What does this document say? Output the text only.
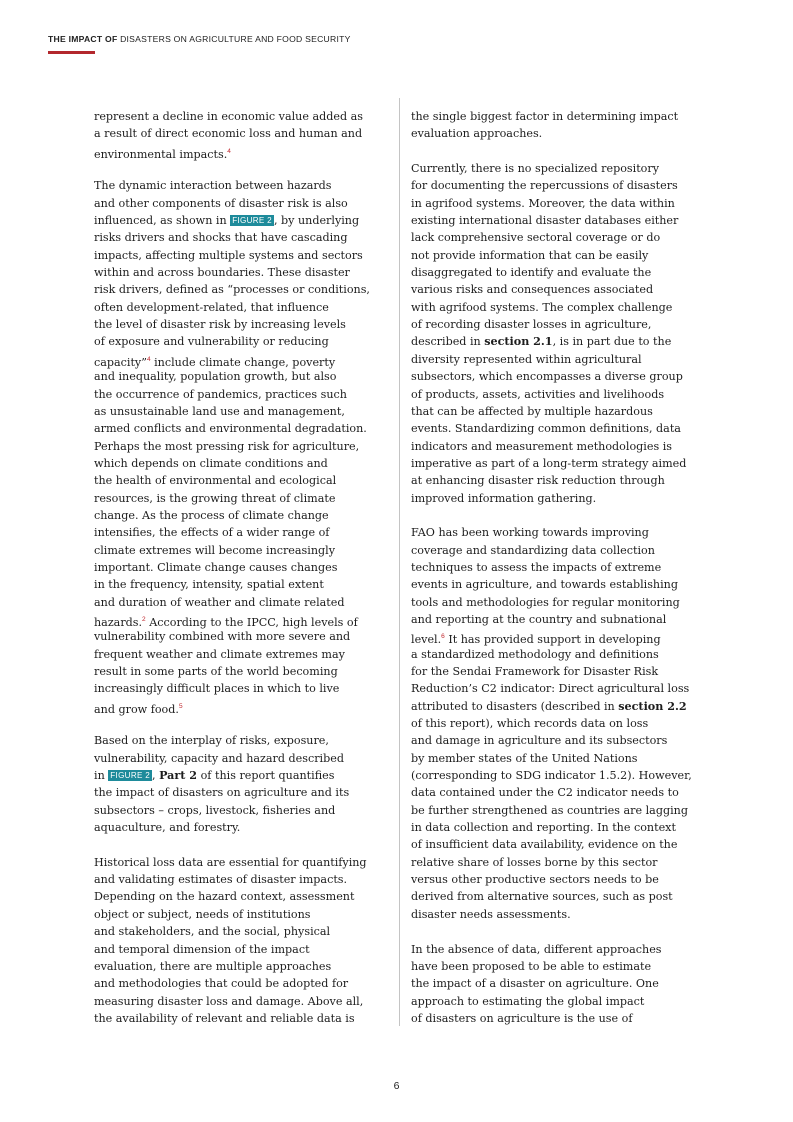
THE IMPACT OF DISASTERS ON AGRICULTURE AND FOOD SECURITY
represent a decline in economic value added as
a result of direct economic loss and human and
environmental impacts.$^4$
The dynamic interaction between hazards
and other components of disaster risk is also
influenced, as shown in FIGURE 2 , by underlying
risks drivers and shocks that have cascading
impacts, affecting multiple systems and sectors
within and across boundaries. These disaster
risk drivers, defined as “processes or conditions,
often development-related, that influence
the level of disaster risk by increasing levels
of exposure and vulnerability or reducing
capacity”$^4$ include climate change, poverty
and inequality, population growth, but also
the occurrence of pandemics, practices such
as unsustainable land use and management,
armed conflicts and environmental degradation.
Perhaps the most pressing risk for agriculture,
which depends on climate conditions and
the health of environmental and ecological
resources, is the growing threat of climate
change. As the process of climate change
intensifies, the effects of a wider range of
climate extremes will become increasingly
important. Climate change causes changes
in the frequency, intensity, spatial extent
and duration of weather and climate related
hazards.$^2$ According to the IPCC, high levels of
vulnerability combined with more severe and
frequent weather and climate extremes may
result in some parts of the world becoming
increasingly difficult places in which to live
and grow food.$^5$
Based on the interplay of risks, exposure,
vulnerability, capacity and hazard described
in FIGURE 2 , Part 2 of this report quantifies
the impact of disasters on agriculture and its
subsectors – crops, livestock, fisheries and
aquaculture, and forestry.
Historical loss data are essential for quantifying
and validating estimates of disaster impacts.
Depending on the hazard context, assessment
object or subject, needs of institutions
and stakeholders, and the social, physical
and temporal dimension of the impact
evaluation, there are multiple approaches
and methodologies that could be adopted for
measuring disaster loss and damage. Above all,
the availability of relevant and reliable data is
the single biggest factor in determining impact
evaluation approaches.
Currently, there is no specialized repository
for documenting the repercussions of disasters
in agrifood systems. Moreover, the data within
existing international disaster databases either
lack comprehensive sectoral coverage or do
not provide information that can be easily
disaggregated to identify and evaluate the
various risks and consequences associated
with agrifood systems. The complex challenge
of recording disaster losses in agriculture,
described in section 2.1, is in part due to the
diversity represented within agricultural
subsectors, which encompasses a diverse group
of products, assets, activities and livelihoods
that can be affected by multiple hazardous
events. Standardizing common definitions, data
indicators and measurement methodologies is
imperative as part of a long-term strategy aimed
at enhancing disaster risk reduction through
improved information gathering.
FAO has been working towards improving
coverage and standardizing data collection
techniques to assess the impacts of extreme
events in agriculture, and towards establishing
tools and methodologies for regular monitoring
and reporting at the country and subnational
level.$^6$ It has provided support in developing
a standardized methodology and definitions
for the Sendai Framework for Disaster Risk
Reduction’s C2 indicator: Direct agricultural loss
attributed to disasters (described in section 2.2
of this report), which records data on loss
and damage in agriculture and its subsectors
by member states of the United Nations
(corresponding to SDG indicator 1.5.2). However,
data contained under the C2 indicator needs to
be further strengthened as countries are lagging
in data collection and reporting. In the context
of insufficient data availability, evidence on the
relative share of losses borne by this sector
versus other productive sectors needs to be
derived from alternative sources, such as post
disaster needs assessments.
In the absence of data, different approaches
have been proposed to be able to estimate
the impact of a disaster on agriculture. One
approach to estimating the global impact
of disasters on agriculture is the use of
6
